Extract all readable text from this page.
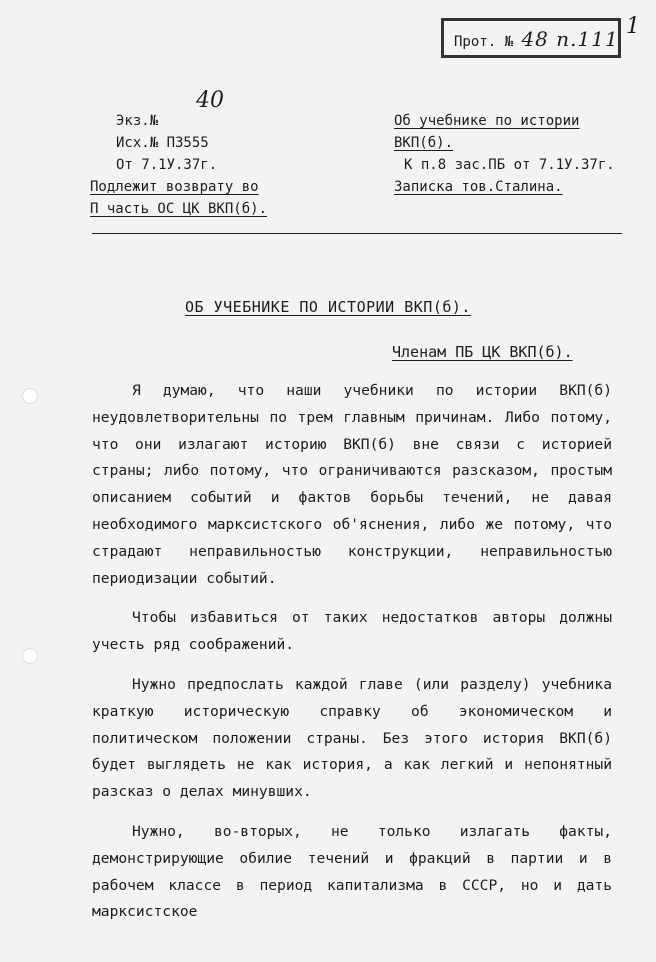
Прот. № 48 п.111 1
Экз.№
40
Исх.№ П3555
От 7.1У.37г.
Подлежит возврату во
П часть ОС ЦК ВКП(б).
Об учебнике по истории
ВКП(б).
К п.8 зас.ПБ от 7.1У.37г.
Записка тов.Сталина.
ОБ УЧЕБНИКЕ ПО ИСТОРИИ ВКП(б).
Членам ПБ ЦК ВКП(б).

Я думаю, что наши учебники по истории ВКП(б) неудовлетворительны по трем главным причинам. Либо потому, что они излагают историю ВКП(б) вне связи с историей страны; либо потому, что ограничиваются разсказом, простым описанием событий и фактов борьбы течений, не давая необходимого марксистского об'яснения, либо же потому, что страдают неправильностью конструкции, неправильностью периодизации событий.

Чтобы избавиться от таких недостатков авторы должны учесть ряд соображений.

Нужно предпослать каждой главе (или разделу) учебника краткую историческую справку об экономическом и политическом положении страны. Без этого история ВКП(б) будет выглядеть не как история, а как легкий и непонятный разсказ о делах минувших.

Нужно, во-вторых, не только излагать факты, демонстрирующие обилие течений и фракций в партии и в рабочем классе в период капитализма в СССР, но и дать марксистское
